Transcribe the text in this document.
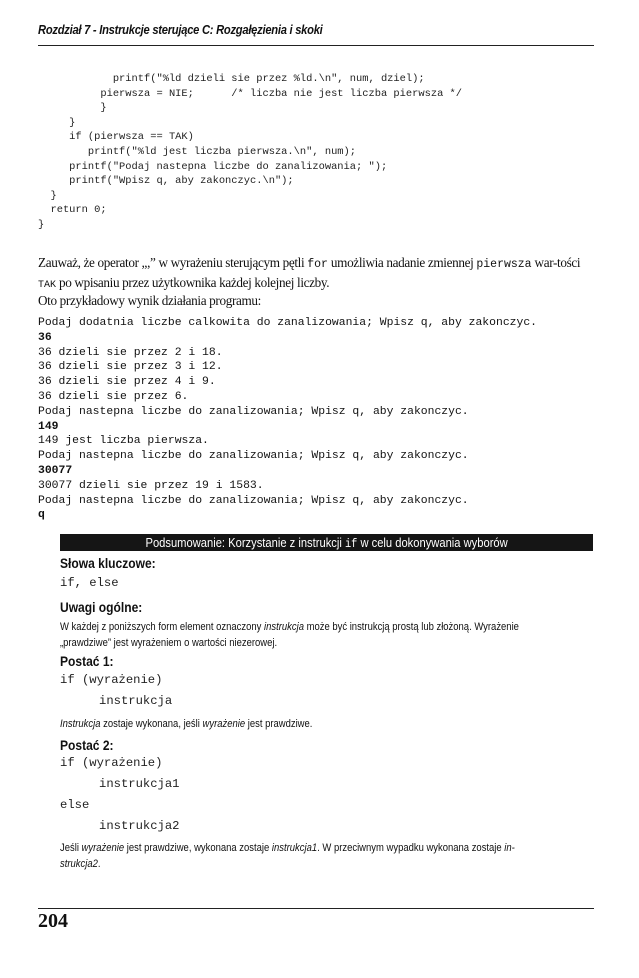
Rozdział 7 - Instrukcje sterujące C: Rozgałęzienia i skoki
printf("%ld dzieli sie przez %ld.\n", num, dziel);
pierwsza = NIE;      /* liczba nie jest liczba pierwsza */
}
}
if (pierwsza == TAK)
printf("%ld jest liczba pierwsza.\n", num);
printf("Podaj nastepna liczbe do zanalizowania; ");
printf("Wpisz q, aby zakonczyc.\n");
}
return 0;
}
Zauważ, że operator „,” w wyrażeniu sterującym pętli for umożliwia nadanie zmiennej pierwsza war-tości TAK po wpisaniu przez użytkownika każdej kolejnej liczby.
Oto przykładowy wynik działania programu:
Podaj dodatnia liczbe calkowita do zanalizowania; Wpisz q, aby zakonczyc.
36
36 dzieli sie przez 2 i 18.
36 dzieli sie przez 3 i 12.
36 dzieli sie przez 4 i 9.
36 dzieli sie przez 6.
Podaj nastepna liczbe do zanalizowania; Wpisz q, aby zakonczyc.
149
149 jest liczba pierwsza.
Podaj nastepna liczbe do zanalizowania; Wpisz q, aby zakonczyc.
30077
30077 dzieli sie przez 19 i 1583.
Podaj nastepna liczbe do zanalizowania; Wpisz q, aby zakonczyc.
q
Podsumowanie: Korzystanie z instrukcji if w celu dokonywania wyborów
Słowa kluczowe:
if, else
Uwagi ogólne:
W każdej z poniższych form element oznaczony instrukcja może być instrukcją prostą lub złożoną. Wyrażenie
„prawdziwe” jest wyrażeniem o wartości niezerowej.
Postać 1:
if (wyrażenie)
instrukcja
Instrukcja zostaje wykonana, jeśli wyrażenie jest prawdziwe.
Postać 2:
if (wyrażenie)
instrukcja1
else
instrukcja2
Jeśli wyrażenie jest prawdziwe, wykonana zostaje instrukcja1. W przeciwnym wypadku wykonana zostaje in-
strukcja2.
204
